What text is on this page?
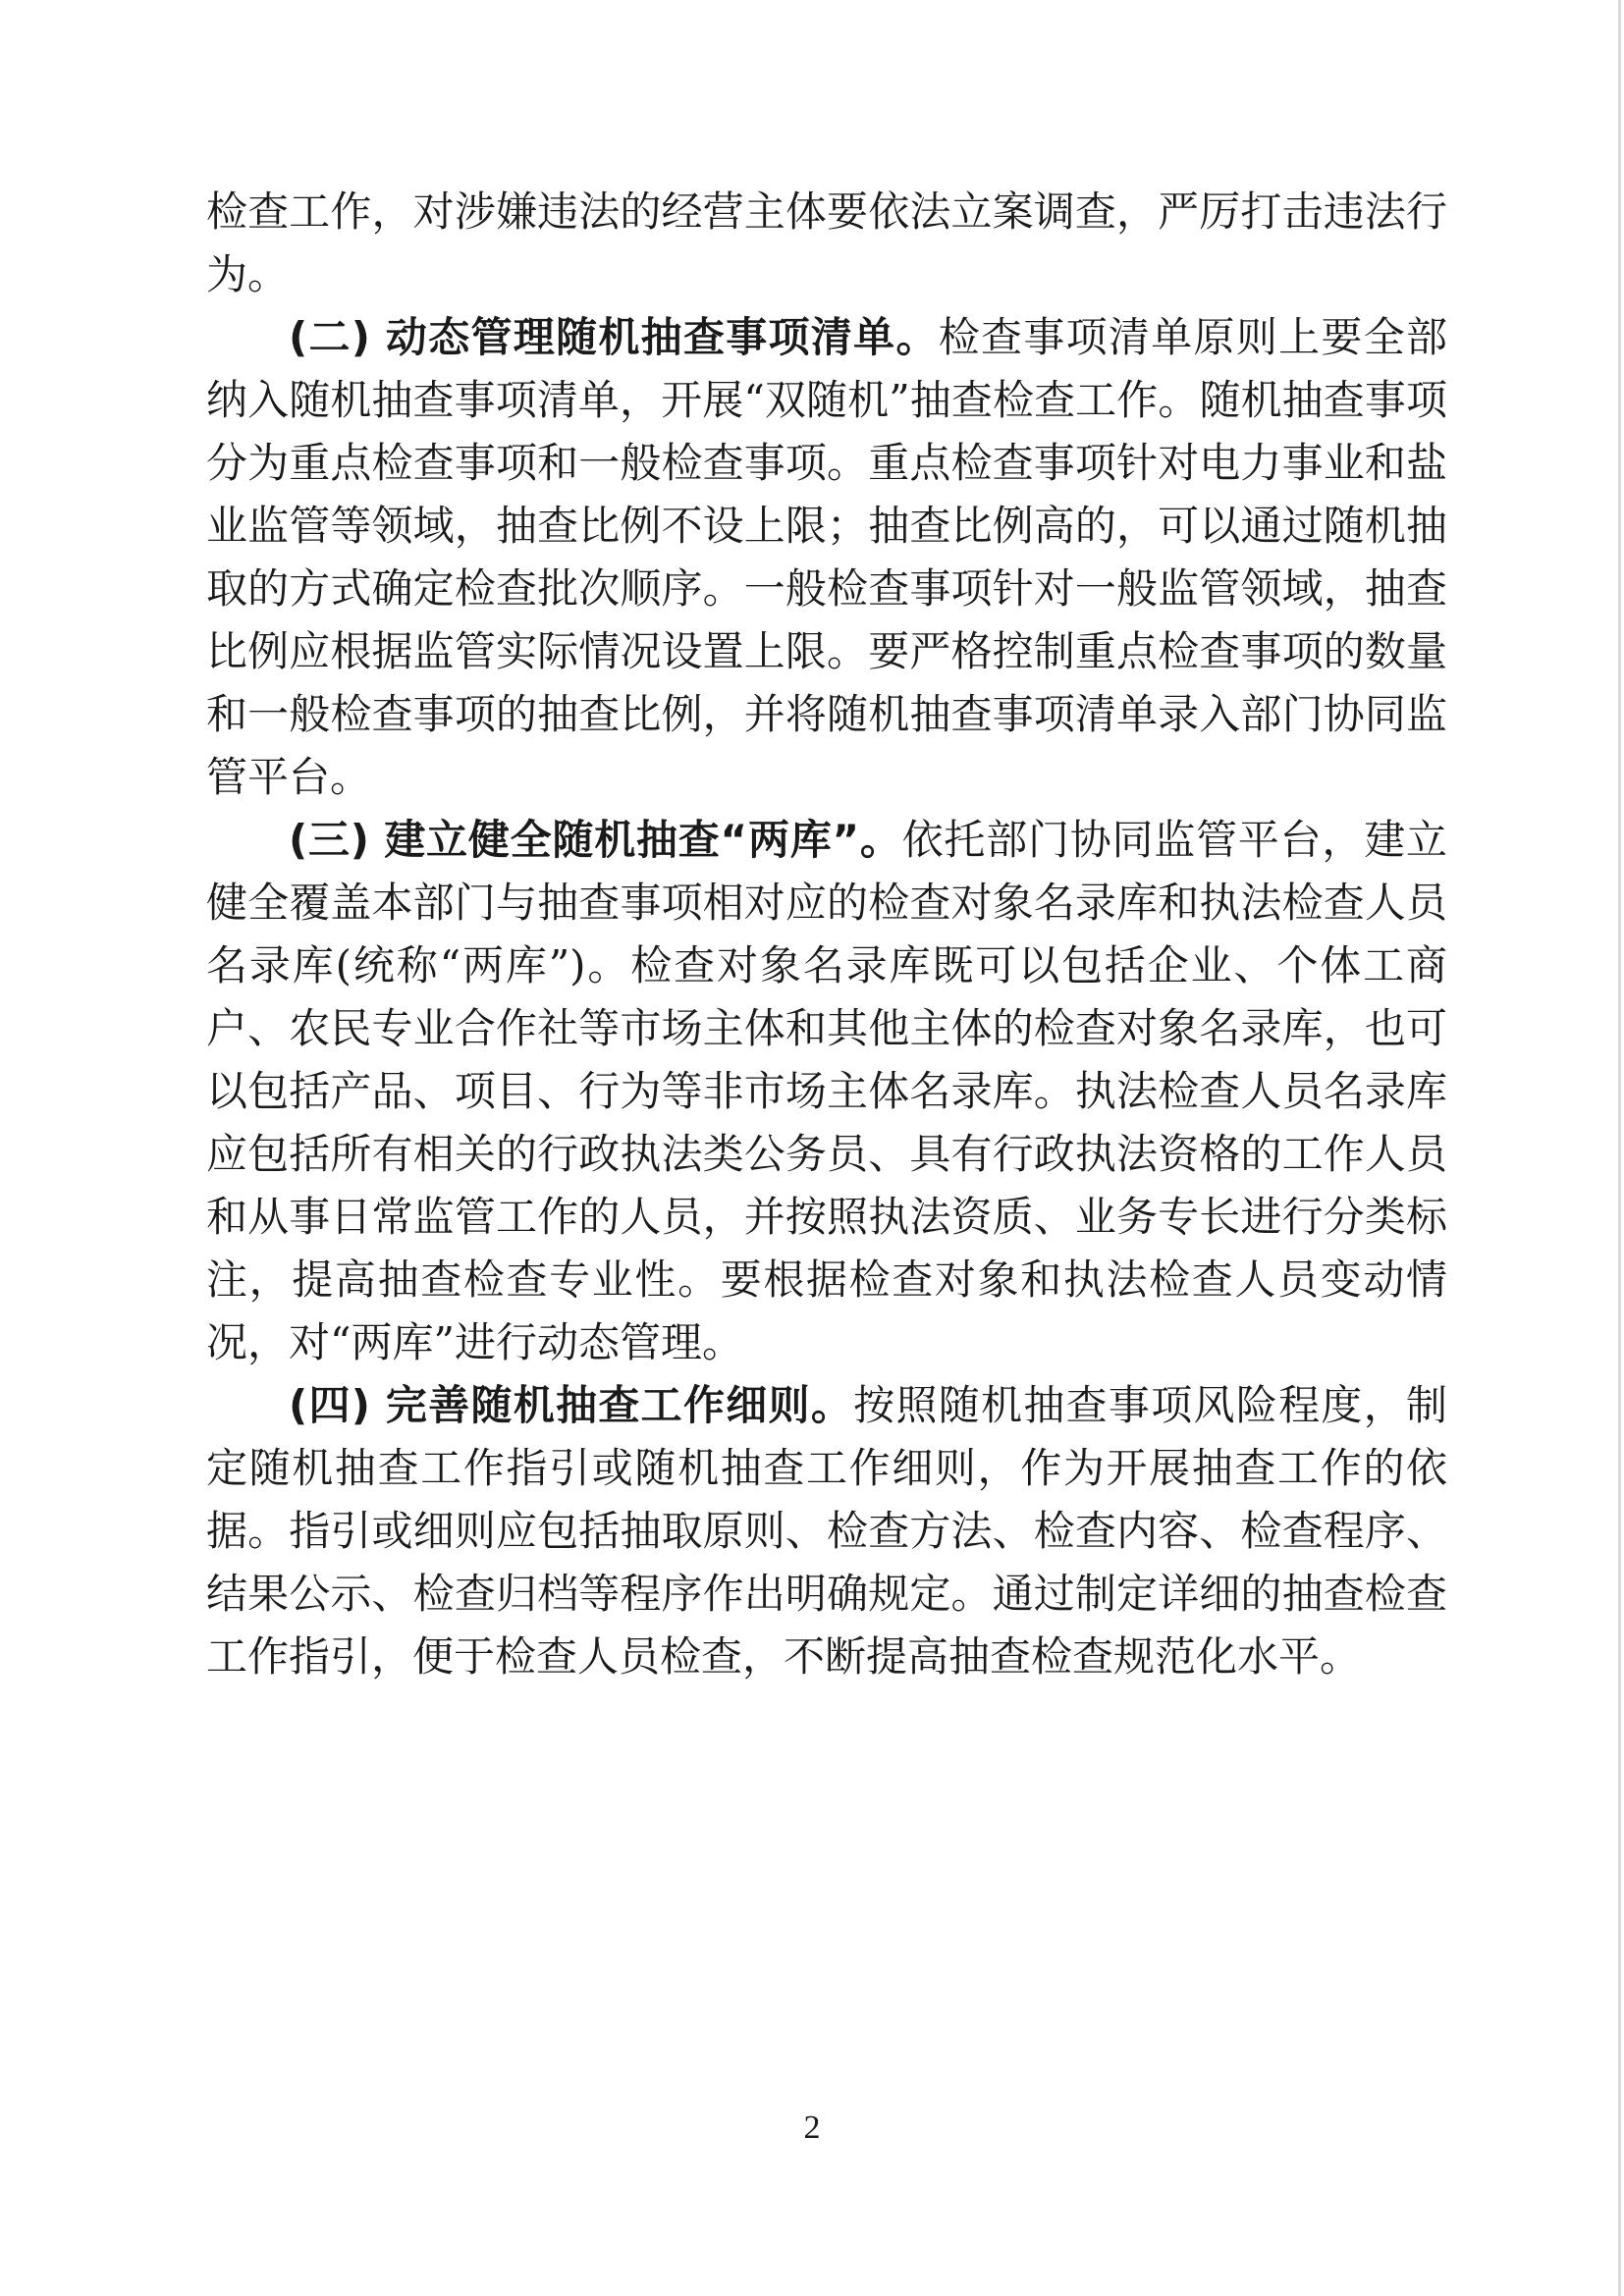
检查工作，对涉嫌违法的经营主体要依法立案调查，严厉打击违法行为。

(二) 动态管理随机抽查事项清单。检查事项清单原则上要全部纳入随机抽查事项清单，开展“双随机”抽查检查工作。随机抽查事项分为重点检查事项和一般检查事项。重点检查事项针对电力事业和盐业监管等领域，抽查比例不设上限；抽查比例高的，可以通过随机抽取的方式确定检查批次顺序。一般检查事项针对一般监管领域，抽查比例应根据监管实际情况设置上限。要严格控制重点检查事项的数量和一般检查事项的抽查比例，并将随机抽查事项清单录入部门协同监管平台。

(三) 建立健全随机抽查“两库”。依托部门协同监管平台，建立健全覆盖本部门与抽查事项相对应的检查对象名录库和执法检查人员名录库(统称“两库”)。检查对象名录库既可以包括企业、个体工商户、农民专业合作社等市场主体和其他主体的检查对象名录库，也可以包括产品、项目、行为等非市场主体名录库。执法检查人员名录库应包括所有相关的行政执法类公务员、具有行政执法资格的工作人员和从事日常监管工作的人员，并按照执法资质、业务专长进行分类标注，提高抽查检查专业性。要根据检查对象和执法检查人员变动情况，对“两库”进行动态管理。

(四) 完善随机抽查工作细则。按照随机抽查事项风险程度，制定随机抽查工作指引或随机抽查工作细则，作为开展抽查工作的依据。指引或细则应包括抽取原则、检查方法、检查内容、检查程序、结果公示、检查归档等程序作出明确规定。通过制定详细的抽查检查工作指引，便于检查人员检查，不断提高抽查检查规范化水平。

2
